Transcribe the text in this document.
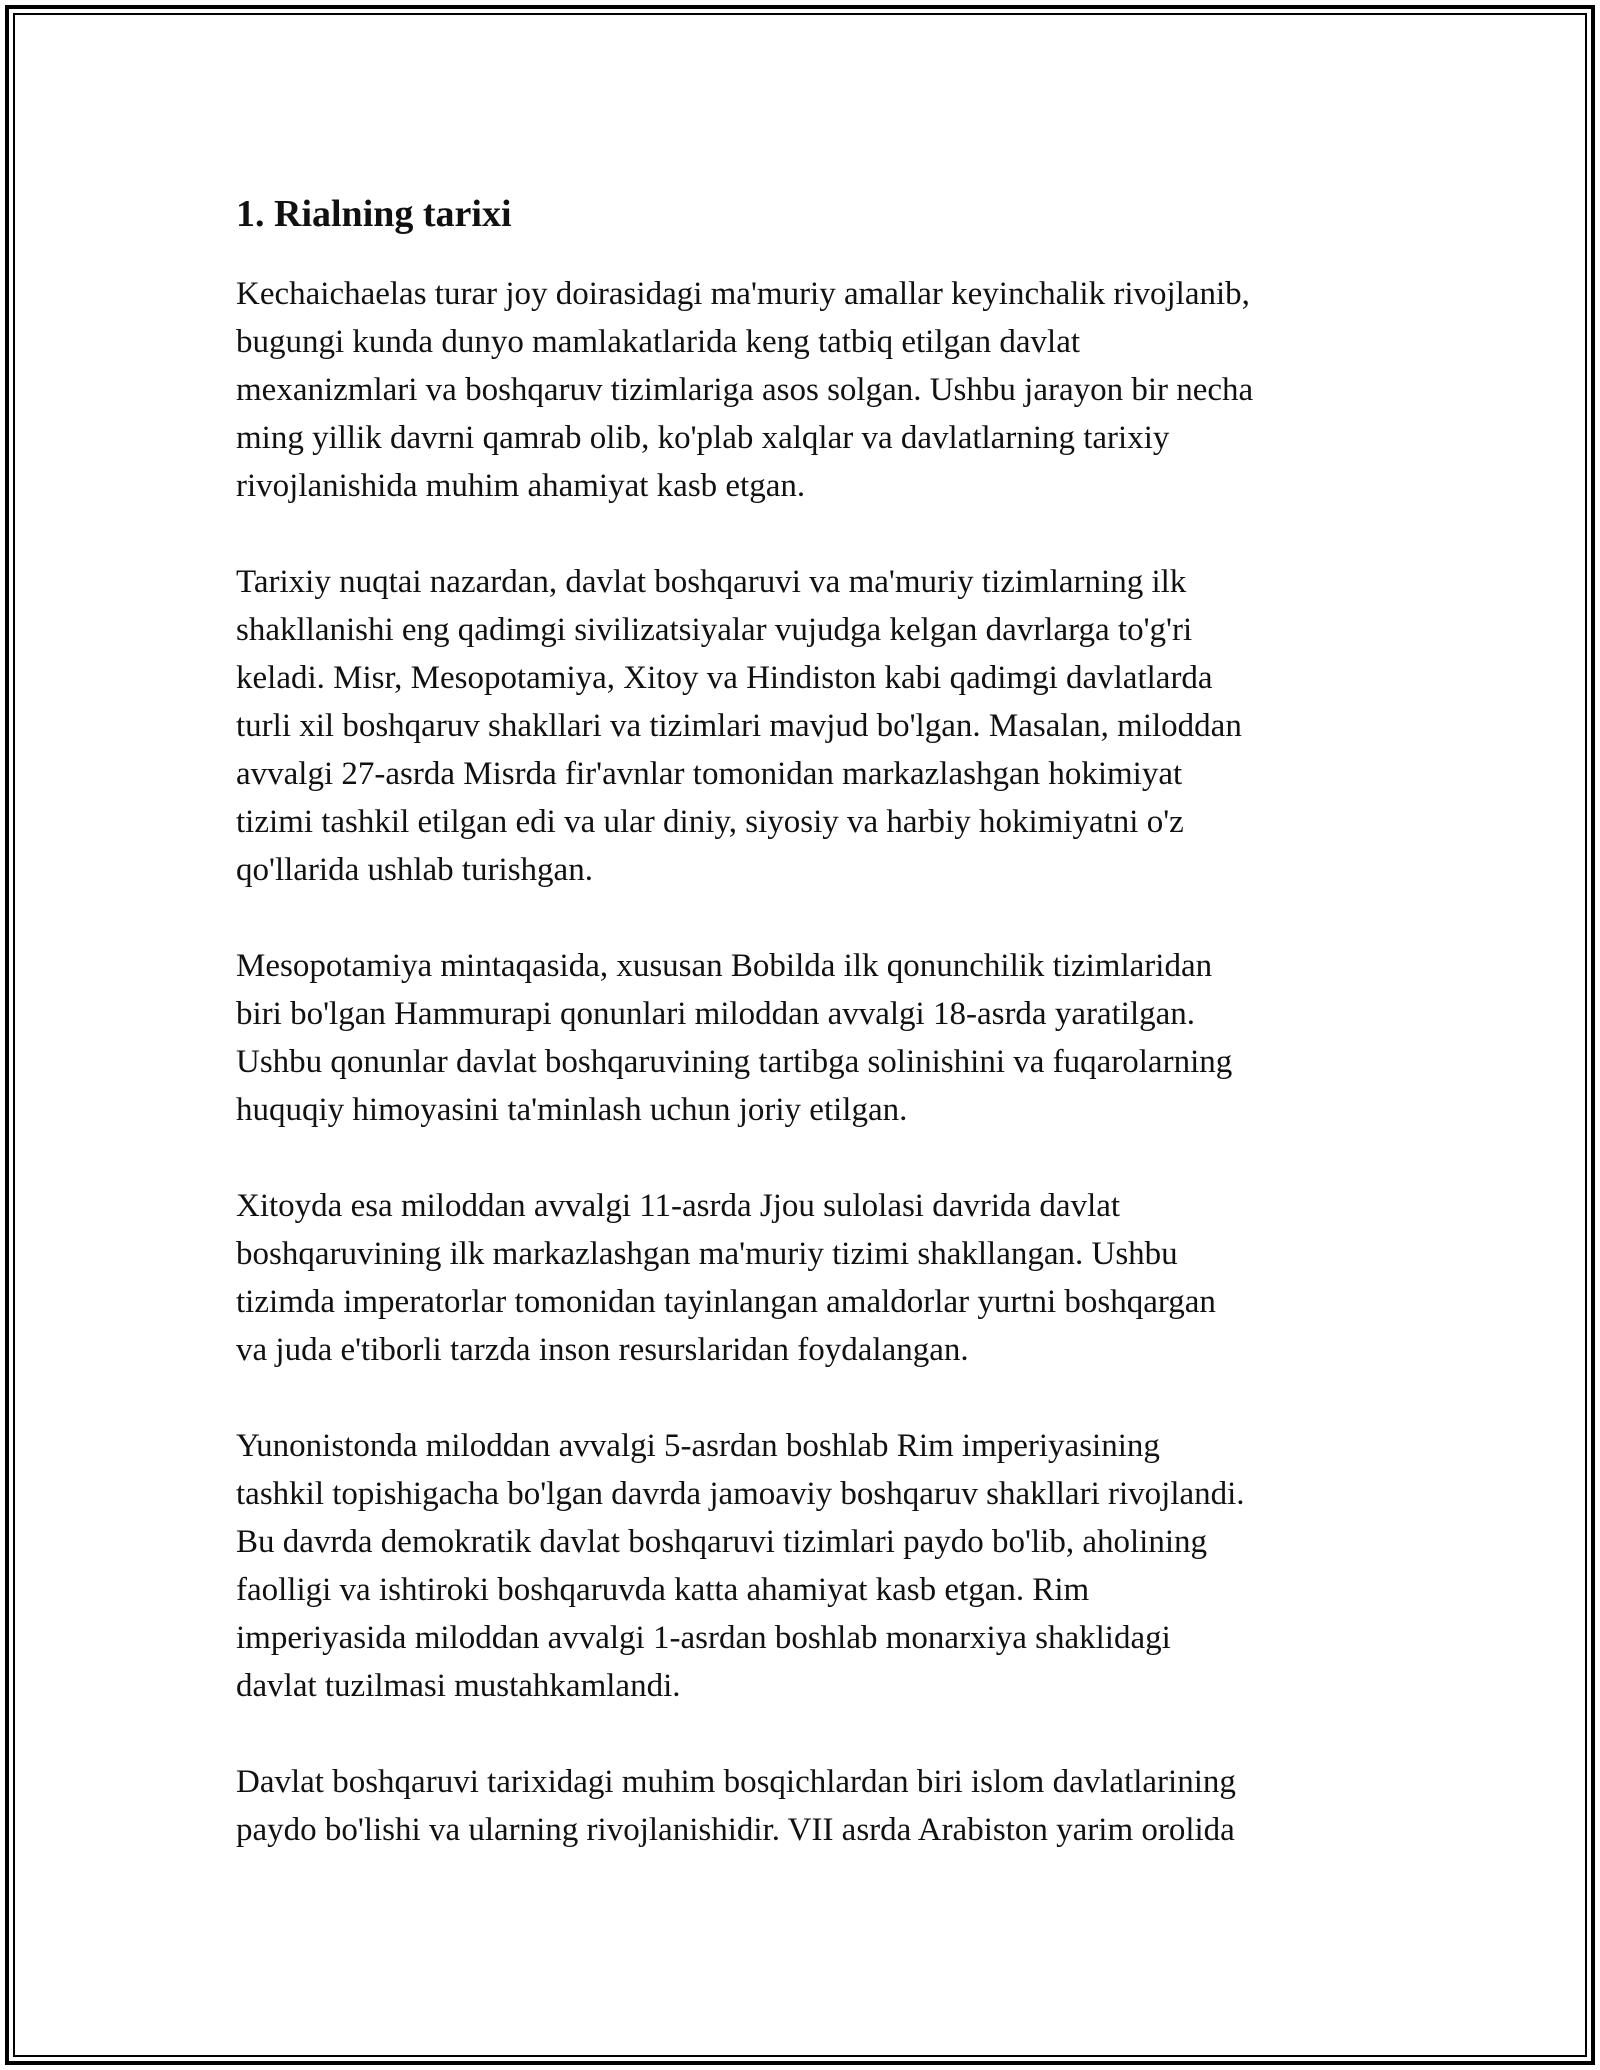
1. Rialning tarixi

Kechaichaelas turar joy doirasidagi ma'muriy amallar keyinchalik rivojlanib,
bugungi kunda dunyo mamlakatlarida keng tatbiq etilgan davlat
mexanizmlari va boshqaruv tizimlariga asos solgan. Ushbu jarayon bir necha
ming yillik davrni qamrab olib, ko'plab xalqlar va davlatlarning tarixiy
rivojlanishida muhim ahamiyat kasb etgan.

Tarixiy nuqtai nazardan, davlat boshqaruvi va ma'muriy tizimlarning ilk
shakllanishi eng qadimgi sivilizatsiyalar vujudga kelgan davrlarga to'g'ri
keladi. Misr, Mesopotamiya, Xitoy va Hindiston kabi qadimgi davlatlarda
turli xil boshqaruv shakllari va tizimlari mavjud bo'lgan. Masalan, miloddan
avvalgi 27-asrda Misrda fir'avnlar tomonidan markazlashgan hokimiyat
tizimi tashkil etilgan edi va ular diniy, siyosiy va harbiy hokimiyatni o'z
qo'llarida ushlab turishgan.

Mesopotamiya mintaqasida, xususan Bobilda ilk qonunchilik tizimlaridan
biri bo'lgan Hammurapi qonunlari miloddan avvalgi 18-asrda yaratilgan.
Ushbu qonunlar davlat boshqaruvining tartibga solinishini va fuqarolarning
huquqiy himoyasini ta'minlash uchun joriy etilgan.

Xitoyda esa miloddan avvalgi 11-asrda Jjou sulolasi davrida davlat
boshqaruvining ilk markazlashgan ma'muriy tizimi shakllangan. Ushbu
tizimda imperatorlar tomonidan tayinlangan amaldorlar yurtni boshqargan
va juda e'tiborli tarzda inson resurslaridan foydalangan.

Yunonistonda miloddan avvalgi 5-asrdan boshlab Rim imperiyasining
tashkil topishigacha bo'lgan davrda jamoaviy boshqaruv shakllari rivojlandi.
Bu davrda demokratik davlat boshqaruvi tizimlari paydo bo'lib, aholining
faolligi va ishtiroki boshqaruvda katta ahamiyat kasb etgan. Rim
imperiyasida miloddan avvalgi 1-asrdan boshlab monarxiya shaklidagi
davlat tuzilmasi mustahkamlandi.

Davlat boshqaruvi tarixidagi muhim bosqichlardan biri islom davlatlarining
paydo bo'lishi va ularning rivojlanishidir. VII asrda Arabiston yarim orolida
